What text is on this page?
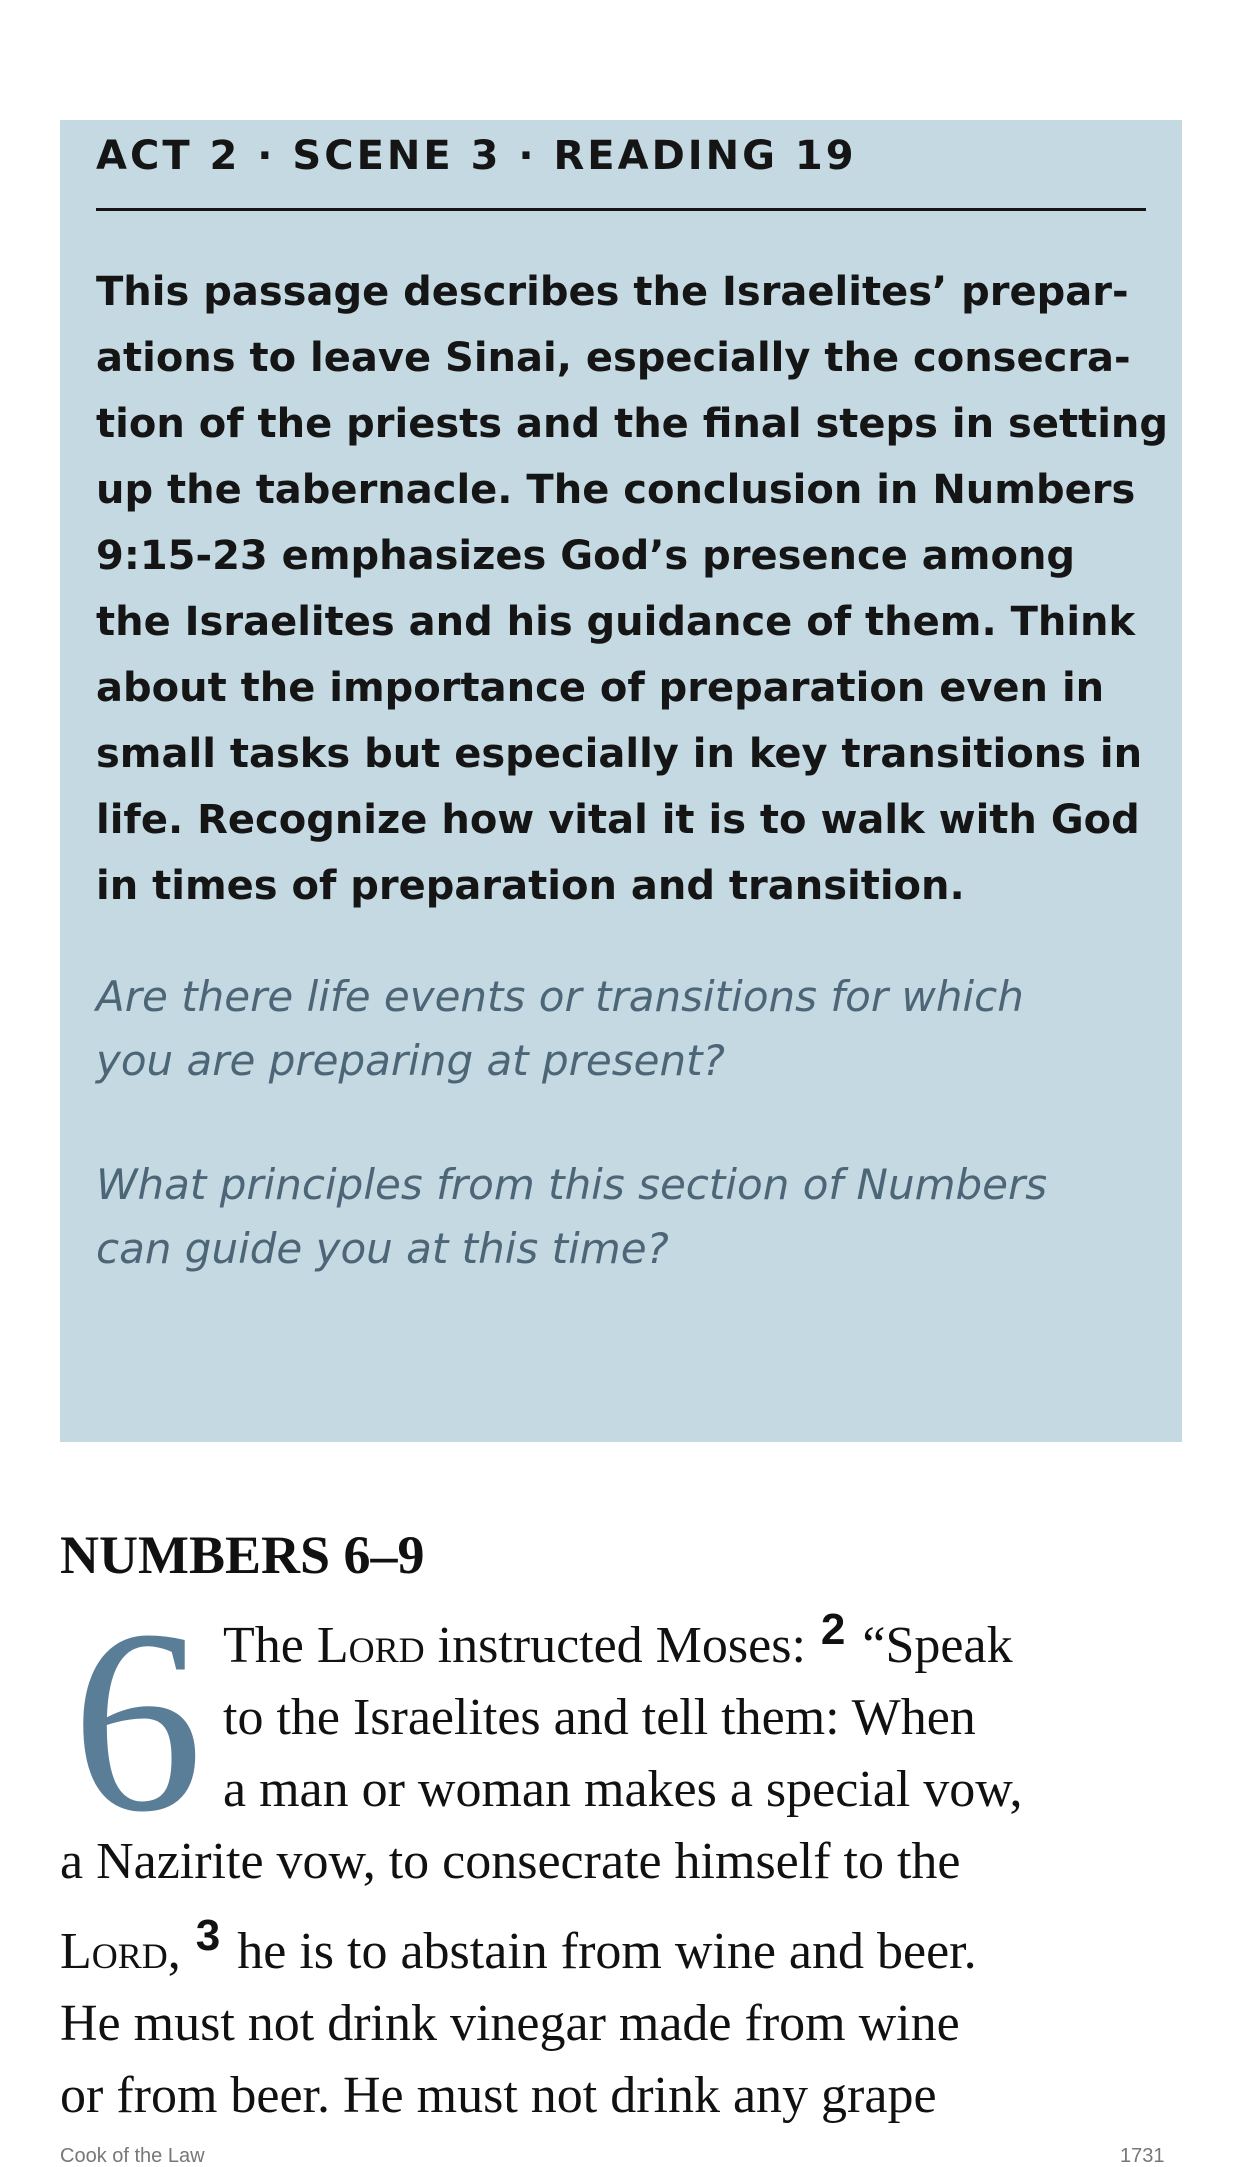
ACT 2 · SCENE 3 · READING 19

This passage describes the Israelites’ prepar-
ations to leave Sinai, especially the consecra-
tion of the priests and the final steps in setting
up the tabernacle. The conclusion in Numbers
9:15-23 emphasizes God’s presence among
the Israelites and his guidance of them. Think
about the importance of preparation even in
small tasks but especially in key transitions in
life. Recognize how vital it is to walk with God
in times of preparation and transition.

Are there life events or transitions for which
you are preparing at present?

What principles from this section of Numbers
can guide you at this time?

NUMBERS 6–9
6 The Lord instructed Moses: $^2$ “Speak
to the Israelites and tell them: When
a man or woman makes a special vow,
a Nazirite vow, to consecrate himself to the
Lord, $^3$ he is to abstain from wine and beer.
He must not drink vinegar made from wine
or from beer. He must not drink any grape
Cook of the Law	1731
